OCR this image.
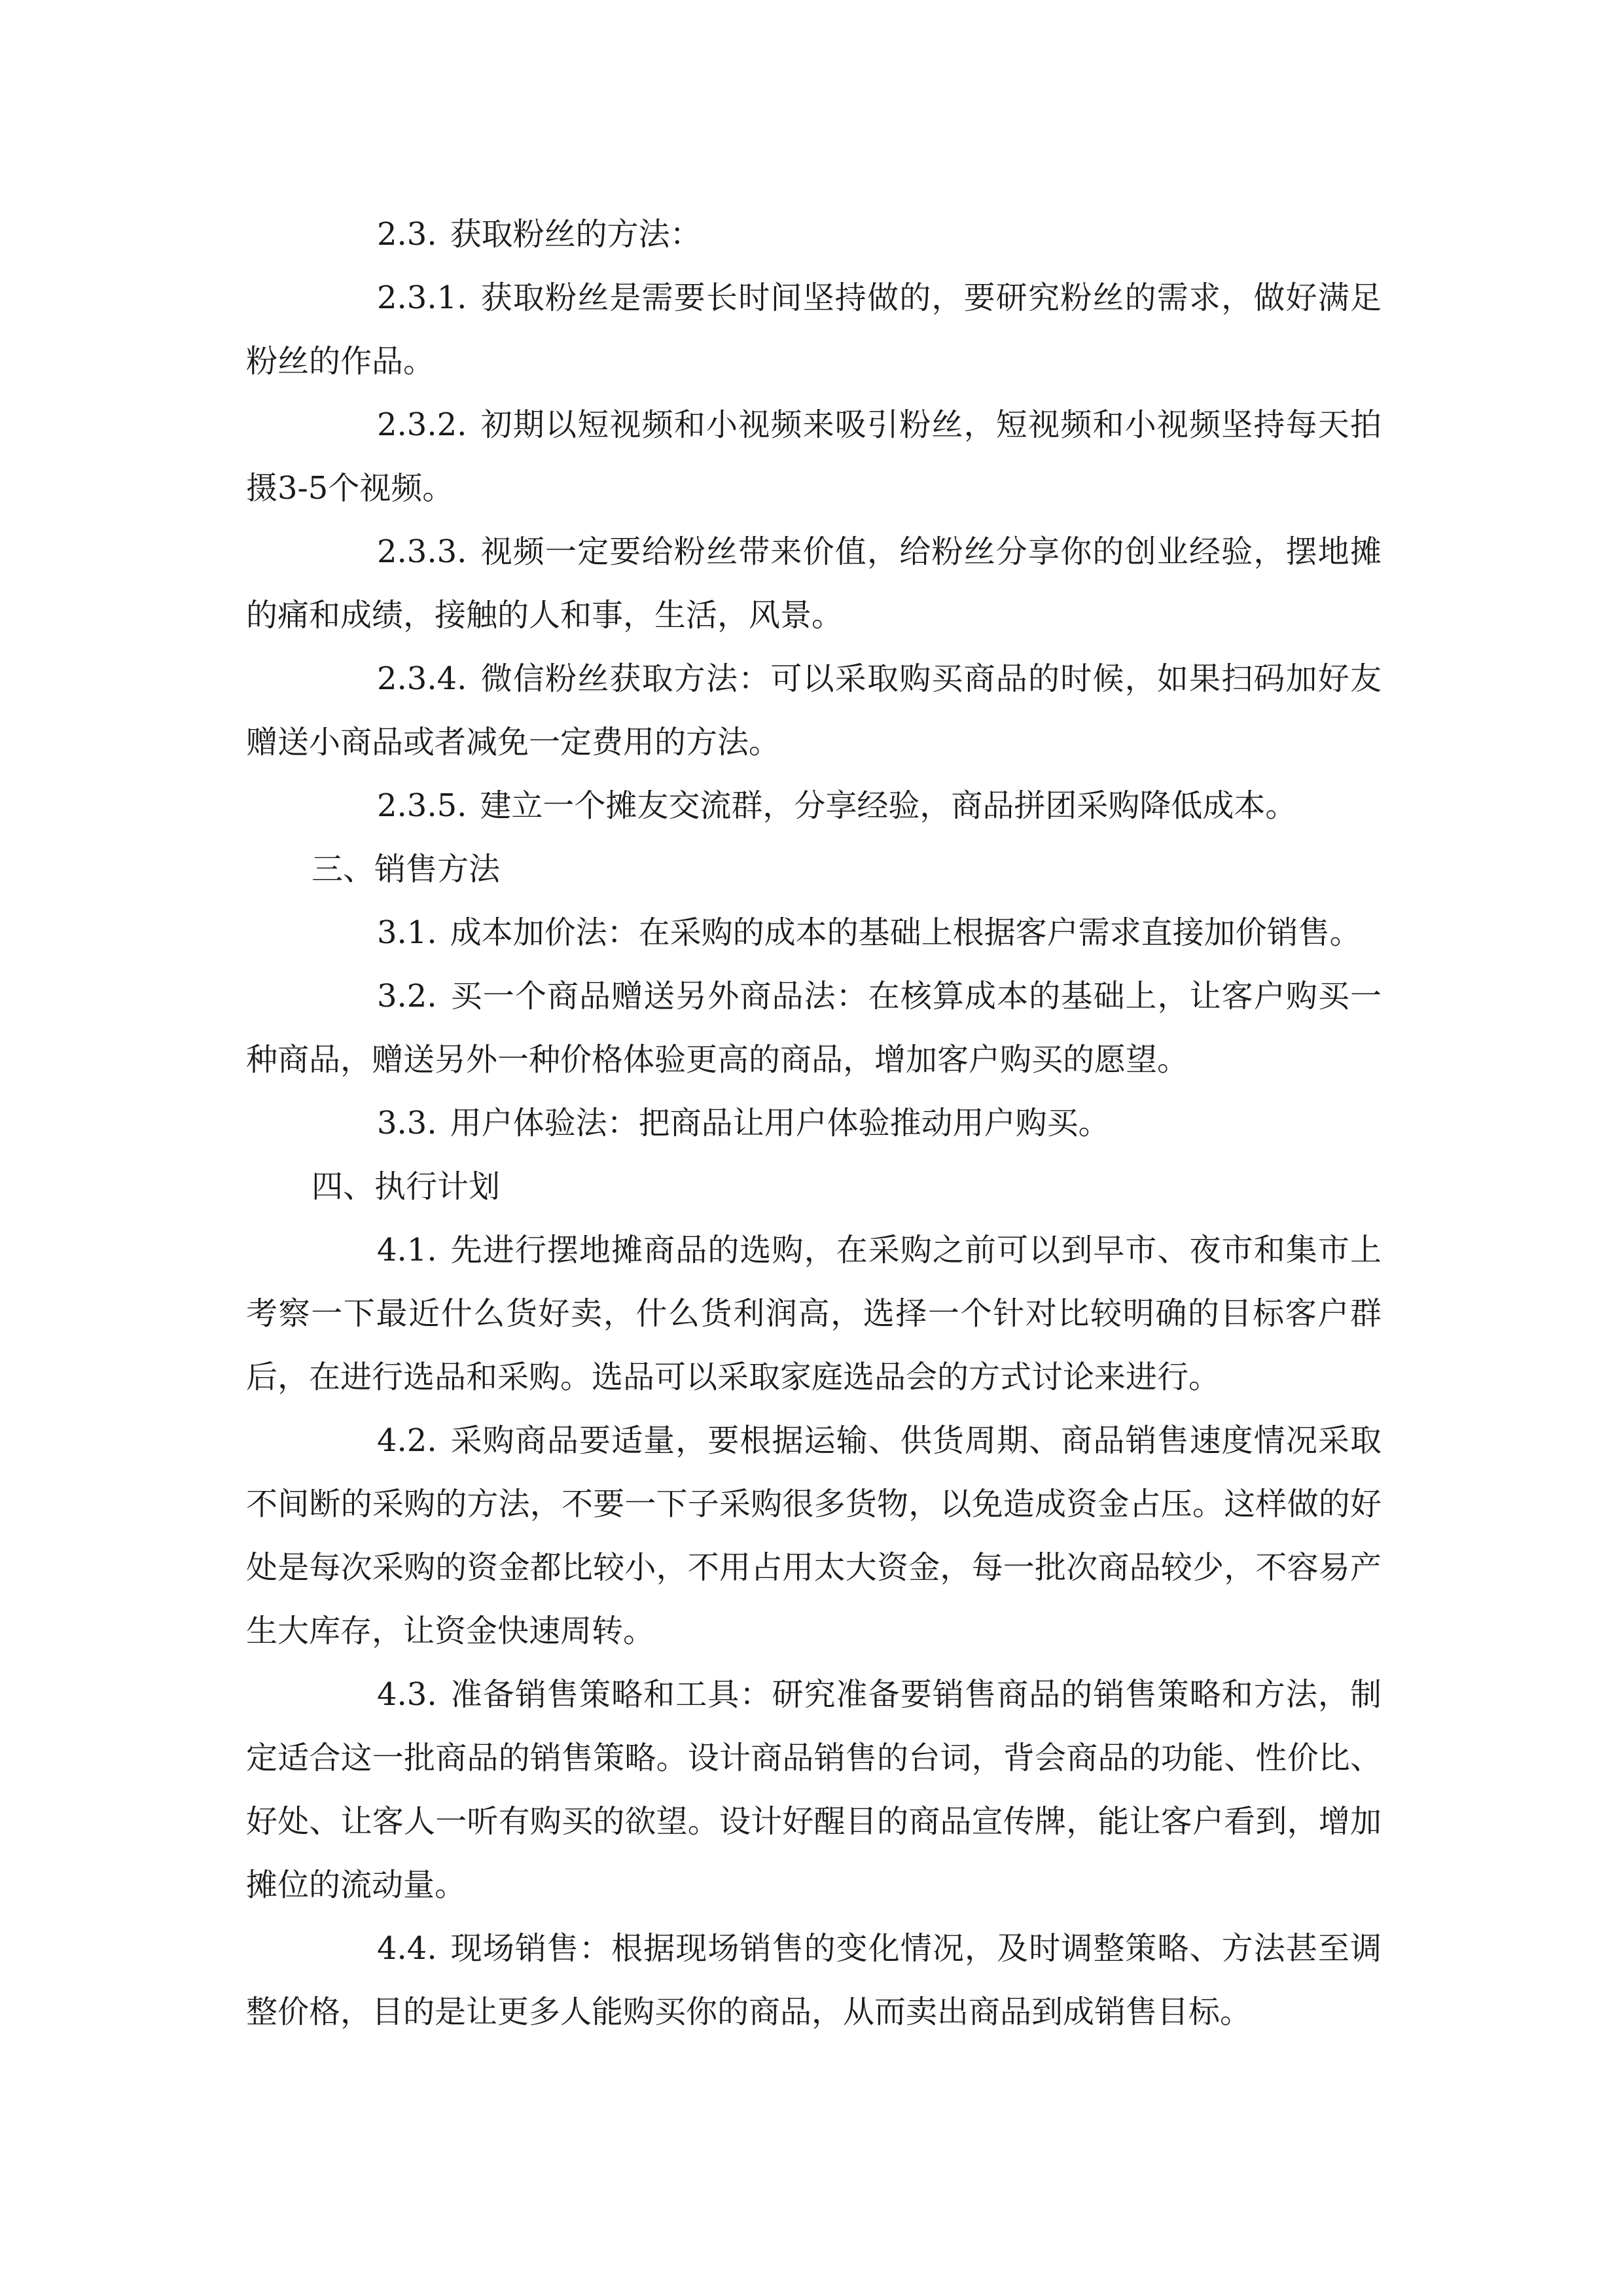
2.3. 获取粉丝的方法：

2.3.1. 获取粉丝是需要长时间坚持做的，要研究粉丝的需求，做好满足粉丝的作品。

2.3.2. 初期以短视频和小视频来吸引粉丝，短视频和小视频坚持每天拍摄3-5个视频。

2.3.3. 视频一定要给粉丝带来价值，给粉丝分享你的创业经验，摆地摊的痛和成绩，接触的人和事，生活，风景。

2.3.4. 微信粉丝获取方法：可以采取购买商品的时候，如果扫码加好友赠送小商品或者减免一定费用的方法。

2.3.5. 建立一个摊友交流群，分享经验，商品拼团采购降低成本。

三、销售方法

3.1. 成本加价法：在采购的成本的基础上根据客户需求直接加价销售。

3.2. 买一个商品赠送另外商品法：在核算成本的基础上，让客户购买一种商品，赠送另外一种价格体验更高的商品，增加客户购买的愿望。

3.3. 用户体验法：把商品让用户体验推动用户购买。

四、执行计划

4.1. 先进行摆地摊商品的选购，在采购之前可以到早市、夜市和集市上考察一下最近什么货好卖，什么货利润高，选择一个针对比较明确的目标客户群后，在进行选品和采购。选品可以采取家庭选品会的方式讨论来进行。

4.2. 采购商品要适量，要根据运输、供货周期、商品销售速度情况采取不间断的采购的方法，不要一下子采购很多货物，以免造成资金占压。这样做的好处是每次采购的资金都比较小，不用占用太大资金，每一批次商品较少，不容易产生大库存，让资金快速周转。

4.3. 准备销售策略和工具：研究准备要销售商品的销售策略和方法，制定适合这一批商品的销售策略。设计商品销售的台词，背会商品的功能、性价比、好处、让客人一听有购买的欲望。设计好醒目的商品宣传牌，能让客户看到，增加摊位的流动量。

4.4. 现场销售：根据现场销售的变化情况，及时调整策略、方法甚至调整价格，目的是让更多人能购买你的商品，从而卖出商品到成销售目标。
